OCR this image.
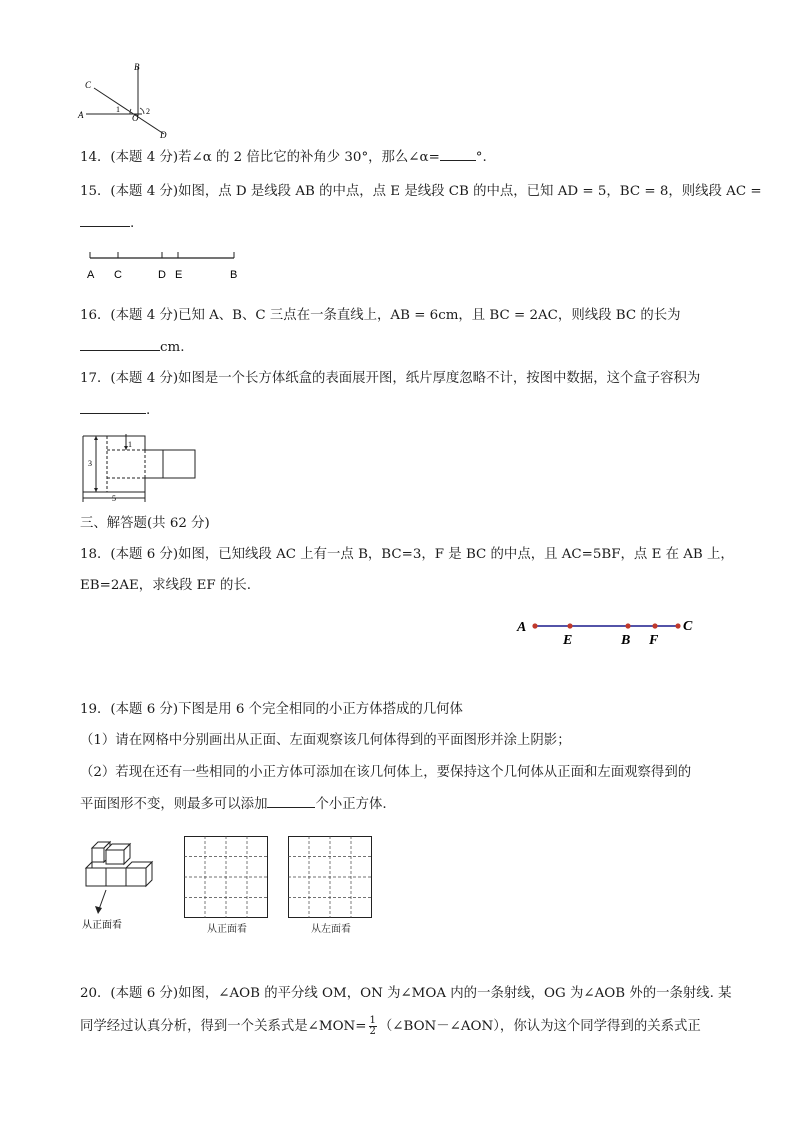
C
B
A	O
D
1	2
14．(本题 4 分)若∠α 的 2 倍比它的补角少 30°，那么∠α=	°.
15．(本题 4 分)如图，点 D 是线段 AB 的中点，点 E 是线段 CB 的中点，已知 AD = 5，BC = 8，则线段 AC =
.
A C	D E	B
16．(本题 4 分)已知 A、B、C 三点在一条直线上，AB = 6cm，且 BC = 2AC，则线段 BC 的长为
cm.
17．(本题 4 分)如图是一个长方体纸盒的表面展开图，纸片厚度忽略不计，按图中数据，这个盒子容积为
.
3
5
1
三、解答题(共 62 分)
18．(本题 6 分)如图，已知线段 AC 上有一点 B，BC=3，F 是 BC 的中点，且 AC=5BF，点 E 在 AB 上，
EB=2AE，求线段 EF 的长.
A
E	B F
C
19．(本题 6 分)下图是用 6 个完全相同的小正方体搭成的几何体
（1）请在网格中分别画出从正面、左面观察该几何体得到的平面图形并涂上阴影；
（2）若现在还有一些相同的小正方体可添加在该几何体上，要保持这个几何体从正面和左面观察得到的
平面图形不变，则最多可以添加	个小正方体.
从正面看	从正面看	从左面看
20．(本题 6 分)如图，∠AOB 的平分线 OM，ON 为∠MOA 内的一条射线，OG 为∠AOB 外的一条射线. 某
同学经过认真分析，得到一个关系式是∠MON= $\frac{1}{2}$ （∠BON－∠AON），你认为这个同学得到的关系式正
